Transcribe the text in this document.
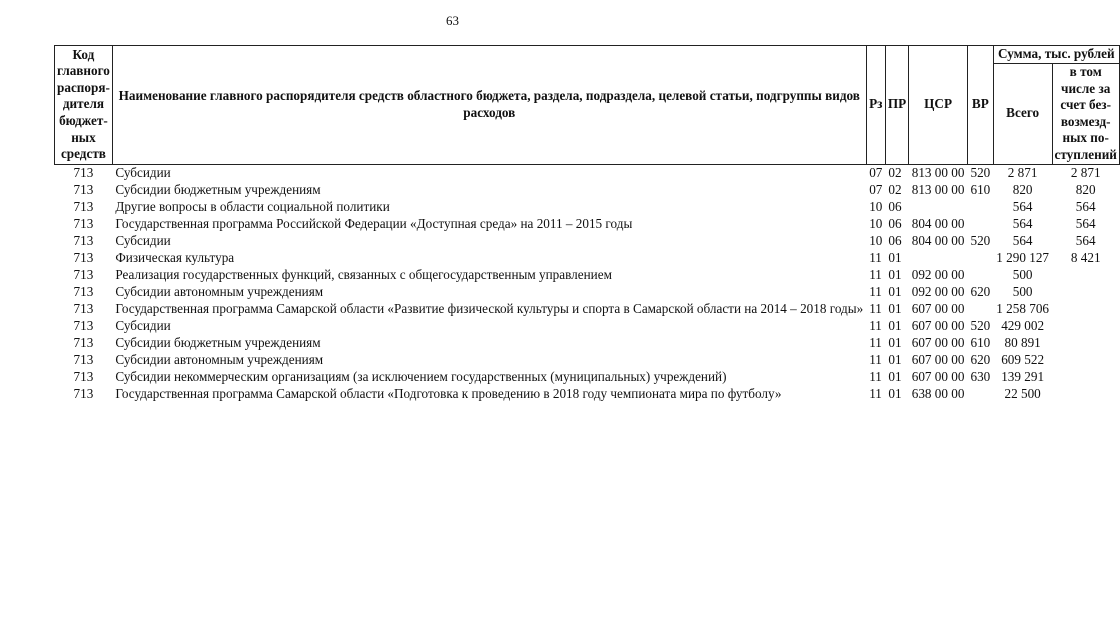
63
Код главного распоря-дителя бюджет-ных средств	Наименование главного распорядителя средств областного бюджета, раздела, подраздела, целевой статьи, подгруппы видов расходов	Рз	ПР	ЦСР	ВР	Сумма, тыс. рублей	
						Всего	в том числе за счет без-возмезд-ных по-ступлений
713	Субсидии	07	02	813 00 00	520	2 871	2 871
713	Субсидии бюджетным учреждениям	07	02	813 00 00	610	820	820
713	Другие вопросы в области социальной политики	10	06			564	564
713	Государственная программа Российской Федерации «Доступная среда» на 2011 – 2015 годы	10	06	804 00 00		564	564
713	Субсидии	10	06	804 00 00	520	564	564
713	Физическая культура	11	01			1 290 127	8 421
713	Реализация государственных функций, связанных с общегосударственным управлением	11	01	092 00 00		500	
713	Субсидии автономным учреждениям	11	01	092 00 00	620	500	
713	Государственная программа Самарской области «Развитие физической культуры и спорта в Самарской области на 2014 – 2018 годы»	11	01	607 00 00		1 258 706	
713	Субсидии	11	01	607 00 00	520	429 002	
713	Субсидии бюджетным учреждениям	11	01	607 00 00	610	80 891	
713	Субсидии автономным учреждениям	11	01	607 00 00	620	609 522	
713	Субсидии некоммерческим организациям (за исключением государственных (муниципальных) учреждений)	11	01	607 00 00	630	139 291	
713	Государственная программа Самарской области «Подготовка к проведению в 2018 году чемпионата мира по футболу»	11	01	638 00 00		22 500	
